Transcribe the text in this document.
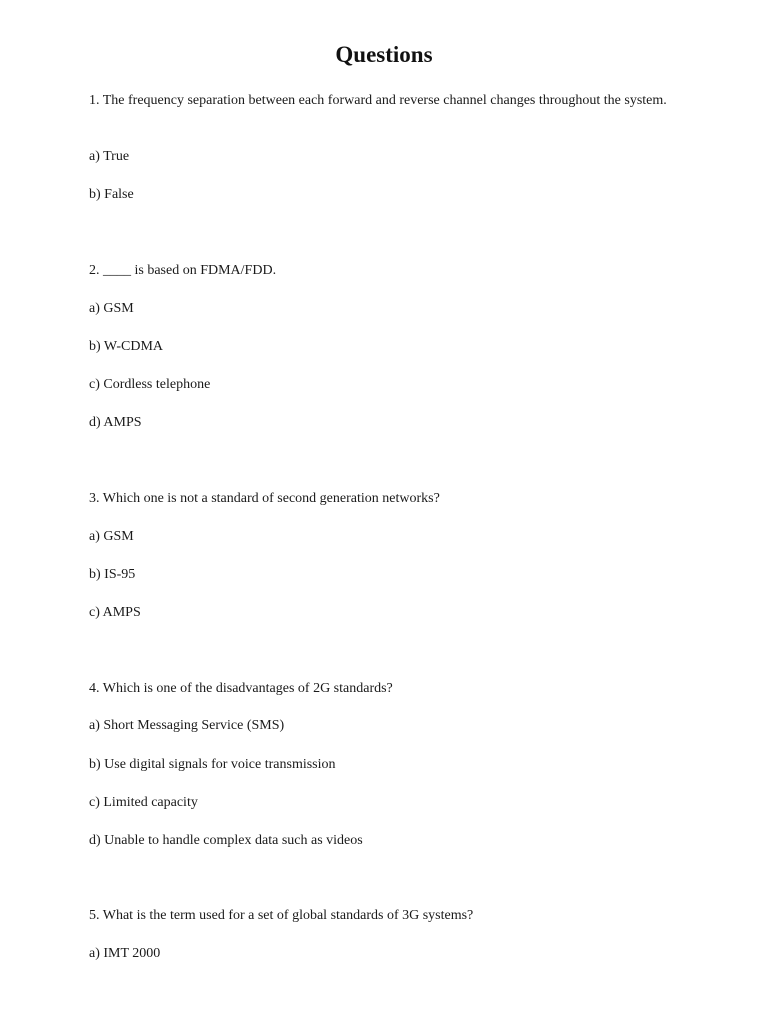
Questions

1. The frequency separation between each forward and reverse channel changes throughout the system.

a) True

b) False

2. ____ is based on FDMA/FDD.

a) GSM

b) W-CDMA

c) Cordless telephone

d) AMPS

3. Which one is not a standard of second generation networks?

a) GSM

b) IS-95

c) AMPS

4. Which is one of the disadvantages of 2G standards?

a) Short Messaging Service (SMS)

b) Use digital signals for voice transmission

c) Limited capacity

d) Unable to handle complex data such as videos

5. What is the term used for a set of global standards of 3G systems?

a) IMT 2000
